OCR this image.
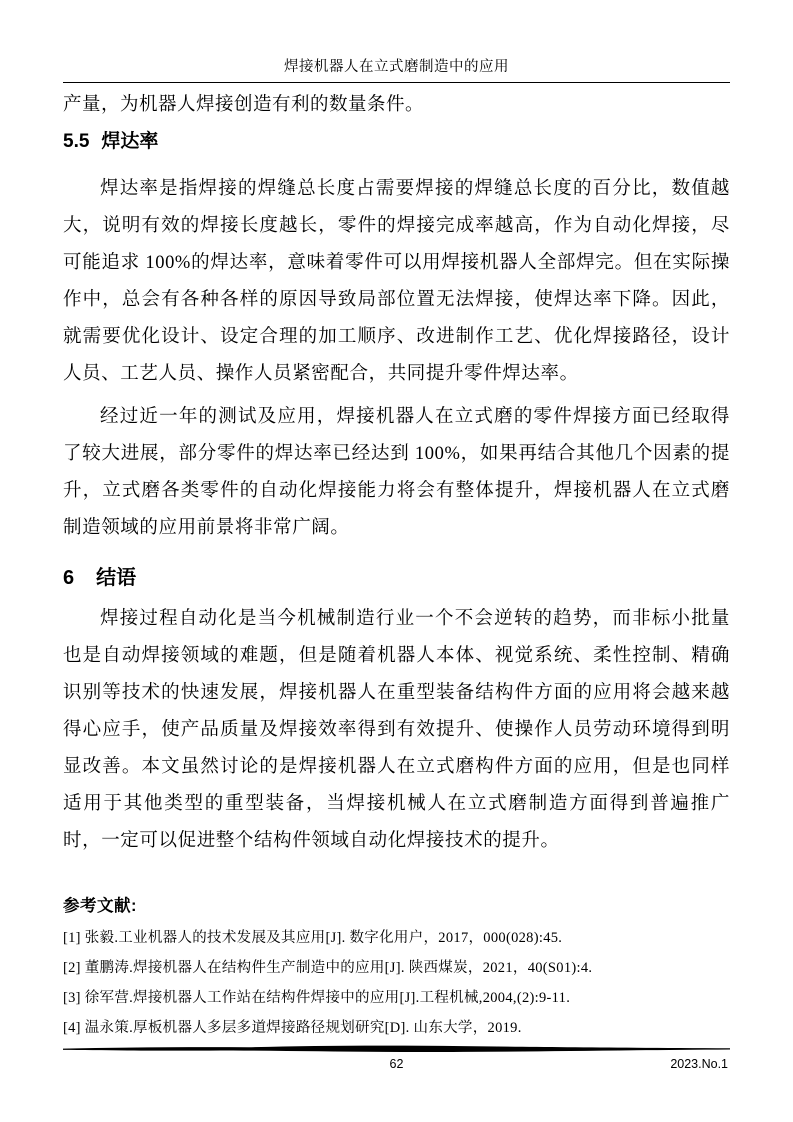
焊接机器人在立式磨制造中的应用

产量，为机器人焊接创造有利的数量条件。

5.5 焊达率

焊达率是指焊接的焊缝总长度占需要焊接的焊缝总长度的百分比，数值越大，说明有效的焊接长度越长，零件的焊接完成率越高，作为自动化焊接，尽可能追求 100%的焊达率，意味着零件可以用焊接机器人全部焊完。但在实际操作中，总会有各种各样的原因导致局部位置无法焊接，使焊达率下降。因此，就需要优化设计、设定合理的加工顺序、改进制作工艺、优化焊接路径，设计人员、工艺人员、操作人员紧密配合，共同提升零件焊达率。

经过近一年的测试及应用，焊接机器人在立式磨的零件焊接方面已经取得了较大进展，部分零件的焊达率已经达到 100%，如果再结合其他几个因素的提升，立式磨各类零件的自动化焊接能力将会有整体提升，焊接机器人在立式磨制造领域的应用前景将非常广阔。

6 结语

焊接过程自动化是当今机械制造行业一个不会逆转的趋势，而非标小批量也是自动焊接领域的难题，但是随着机器人本体、视觉系统、柔性控制、精确识别等技术的快速发展，焊接机器人在重型装备结构件方面的应用将会越来越得心应手，使产品质量及焊接效率得到有效提升、使操作人员劳动环境得到明显改善。本文虽然讨论的是焊接机器人在立式磨构件方面的应用，但是也同样适用于其他类型的重型装备，当焊接机械人在立式磨制造方面得到普遍推广时，一定可以促进整个结构件领域自动化焊接技术的提升。

参考文献:
[1] 张毅.工业机器人的技术发展及其应用[J]. 数字化用户，2017，000(028):45.
[2] 董鹏涛.焊接机器人在结构件生产制造中的应用[J]. 陕西煤炭，2021，40(S01):4.
[3] 徐军营.焊接机器人工作站在结构件焊接中的应用[J].工程机械,2004,(2):9-11.
[4] 温永策.厚板机器人多层多道焊接路径规划研究[D]. 山东大学，2019.
62	2023.No.1
